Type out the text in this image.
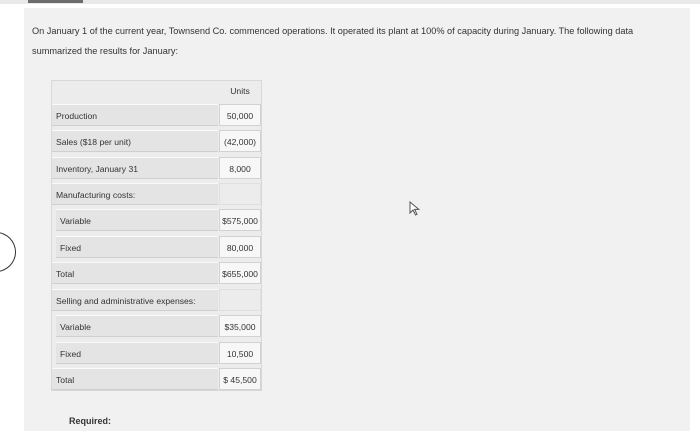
On January 1 of the current year, Townsend Co. commenced operations. It operated its plant at 100% of capacity during January. The following data summarized the results for January:
Units
Production	50,000
Sales ($18 per unit)	(42,000)
Inventory, January 31	8,000
Manufacturing costs:
Variable	$575,000
Fixed	80,000
Total	$655,000
Selling and administrative expenses:
Variable	$35,000
Fixed	10,500
Total	$ 45,500
Required:
